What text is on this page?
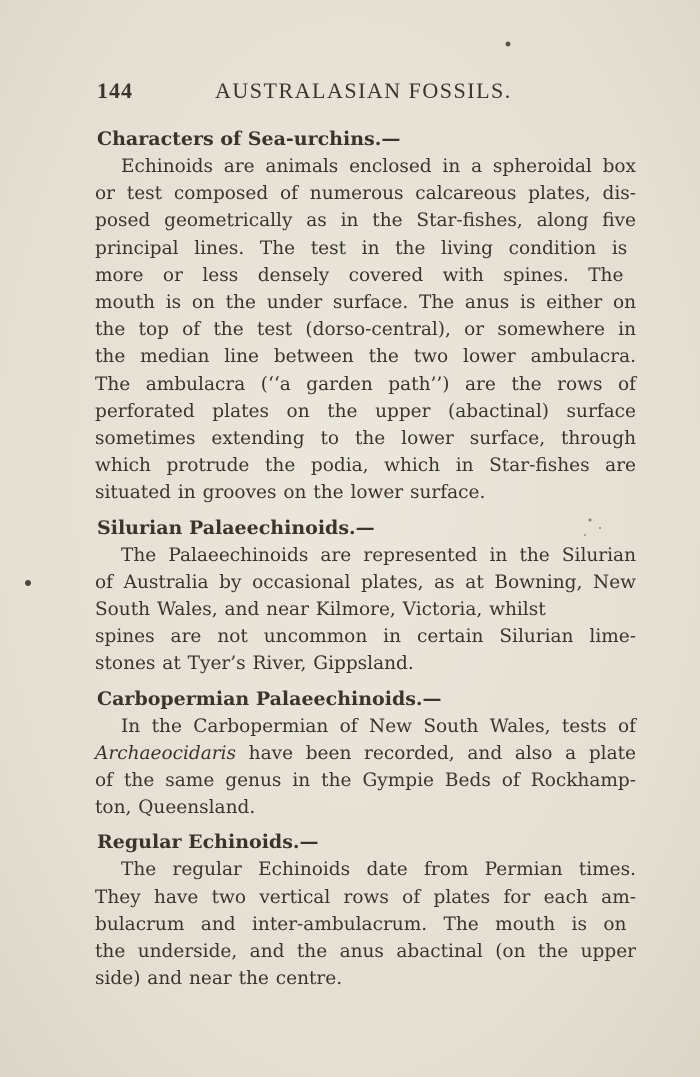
144	AUSTRALASIAN FOSSILS.
Characters of Sea-urchins.—
Echinoids are animals enclosed in a spheroidal box
or test composed of numerous calcareous plates, dis-
posed geometrically as in the Star-fishes, along five
principal lines. The test in the living condition is
more or less densely covered with spines. The
mouth is on the under surface. The anus is either on
the top of the test (dorso-central), or somewhere in
the median line between the two lower ambulacra.
The ambulacra (‘‘a garden path’’) are the rows of
perforated plates on the upper (abactinal) surface
sometimes extending to the lower surface, through
which protrude the podia, which in Star-fishes are
situated in grooves on the lower surface.
Silurian Palaeechinoids.—
The Palaeechinoids are represented in the Silurian
of Australia by occasional plates, as at Bowning, New
South Wales, and near Kilmore, Victoria, whilst
spines are not uncommon in certain Silurian lime-
stones at Tyer’s River, Gippsland.
Carbopermian Palaeechinoids.—
In the Carbopermian of New South Wales, tests of
Archaeocidaris have been recorded, and also a plate
of the same genus in the Gympie Beds of Rockhamp-
ton, Queensland.
Regular Echinoids.—
The regular Echinoids date from Permian times.
They have two vertical rows of plates for each am-
bulacrum and inter-ambulacrum. The mouth is on
the underside, and the anus abactinal (on the upper
side) and near the centre.
